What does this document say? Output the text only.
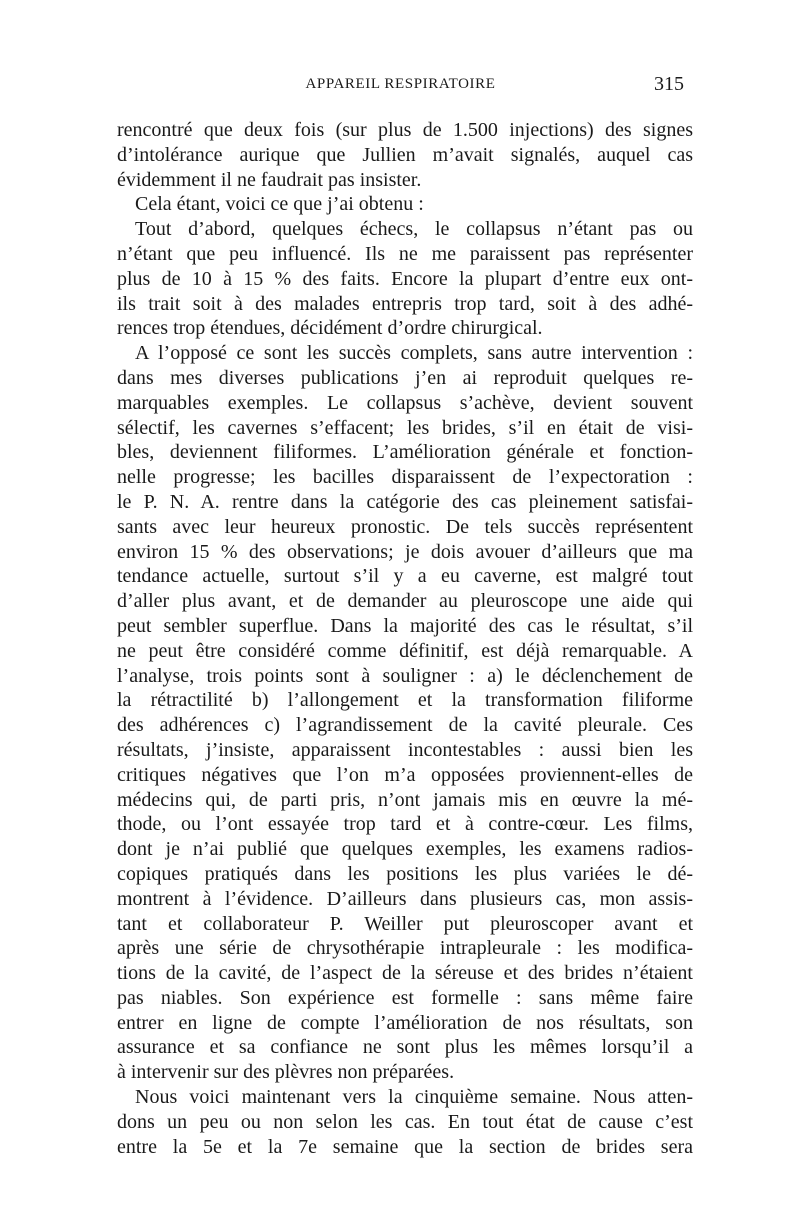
APPAREIL RESPIRATOIRE	315
rencontré que deux fois (sur plus de 1.500 injections) des signes
d’intolérance aurique que Jullien m’avait signalés, auquel cas
évidemment il ne faudrait pas insister.
Cela étant, voici ce que j’ai obtenu :
Tout d’abord, quelques échecs, le collapsus n’étant pas ou
n’étant que peu influencé. Ils ne me paraissent pas représenter
plus de 10 à 15 % des faits. Encore la plupart d’entre eux ont-
ils trait soit à des malades entrepris trop tard, soit à des adhé-
rences trop étendues, décidément d’ordre chirurgical.
A l’opposé ce sont les succès complets, sans autre intervention :
dans mes diverses publications j’en ai reproduit quelques re-
marquables exemples. Le collapsus s’achève, devient souvent
sélectif, les cavernes s’effacent; les brides, s’il en était de visi-
bles, deviennent filiformes. L’amélioration générale et fonction-
nelle progresse; les bacilles disparaissent de l’expectoration :
le P. N. A. rentre dans la catégorie des cas pleinement satisfai-
sants avec leur heureux pronostic. De tels succès représentent
environ 15 % des observations; je dois avouer d’ailleurs que ma
tendance actuelle, surtout s’il y a eu caverne, est malgré tout
d’aller plus avant, et de demander au pleuroscope une aide qui
peut sembler superflue. Dans la majorité des cas le résultat, s’il
ne peut être considéré comme définitif, est déjà remarquable. A
l’analyse, trois points sont à souligner : a) le déclenchement de
la rétractilité b) l’allongement et la transformation filiforme
des adhérences c) l’agrandissement de la cavité pleurale. Ces
résultats, j’insiste, apparaissent incontestables : aussi bien les
critiques négatives que l’on m’a opposées proviennent-elles de
médecins qui, de parti pris, n’ont jamais mis en œuvre la mé-
thode, ou l’ont essayée trop tard et à contre-cœur. Les films,
dont je n’ai publié que quelques exemples, les examens radios-
copiques pratiqués dans les positions les plus variées le dé-
montrent à l’évidence. D’ailleurs dans plusieurs cas, mon assis-
tant et collaborateur P. Weiller put pleuroscoper avant et
après une série de chrysothérapie intrapleurale : les modifica-
tions de la cavité, de l’aspect de la séreuse et des brides n’étaient
pas niables. Son expérience est formelle : sans même faire
entrer en ligne de compte l’amélioration de nos résultats, son
assurance et sa confiance ne sont plus les mêmes lorsqu’il a
à intervenir sur des plèvres non préparées.
Nous voici maintenant vers la cinquième semaine. Nous atten-
dons un peu ou non selon les cas. En tout état de cause c’est
entre la 5e et la 7e semaine que la section de brides sera
